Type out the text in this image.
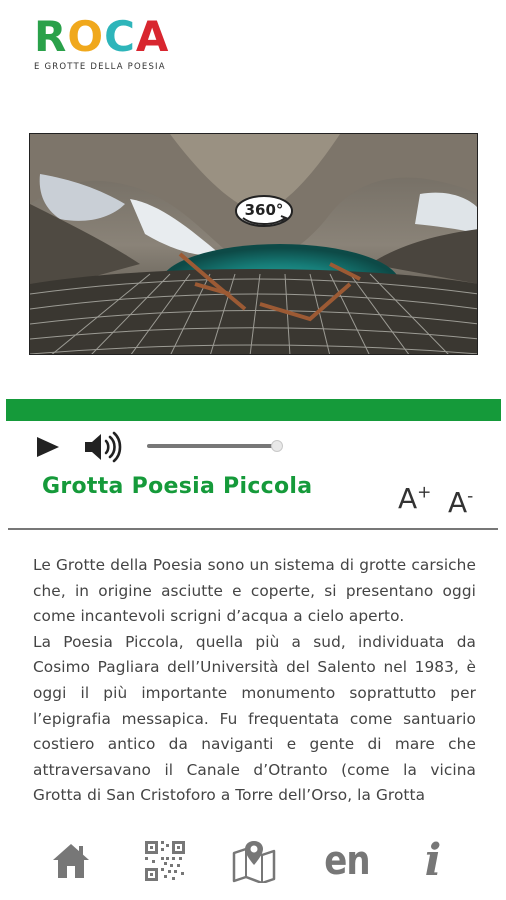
R O C A
E GROTTE DELLA POESIA
360°
Grotta Poesia Piccola	A+ A-

Le Grotte della Poesia sono un sistema di grotte carsiche che, in origine asciutte e coperte, si presentano oggi come incantevoli scrigni d’acqua a cielo aperto.

La Poesia Piccola, quella più a sud, individuata da Cosimo Pagliara dell’Università del Salento nel 1983, è oggi il più importante monumento soprattutto per l’epigrafia messapica. Fu frequentata come santuario costiero antico da naviganti e gente di mare che attraversavano il Canale d’Otranto (come la vicina Grotta di San Cristoforo a Torre dell’Orso, la Grotta

en i
